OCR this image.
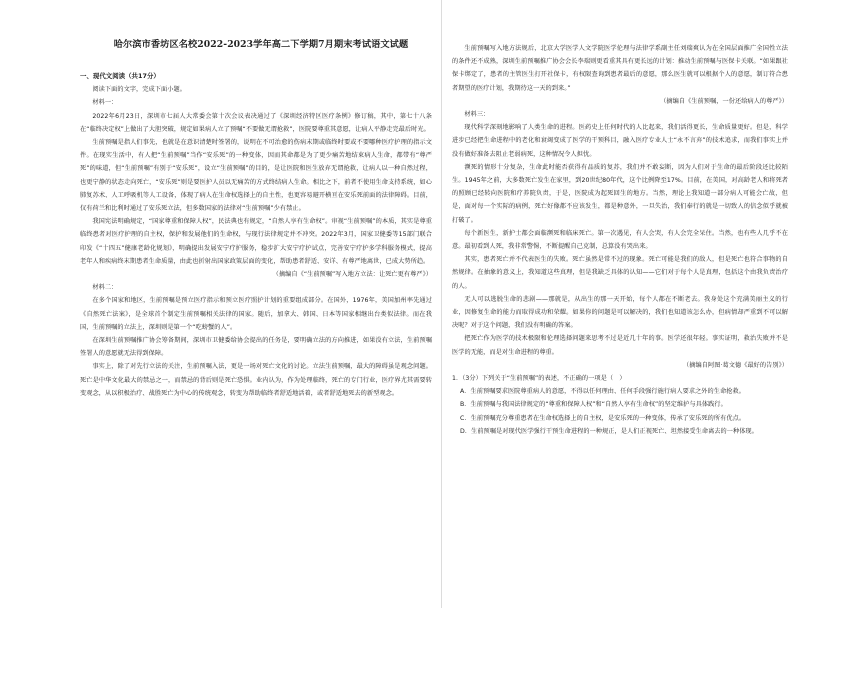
哈尔滨市香坊区名校2022-2023学年高二下学期7月期末考试语文试题
一、现代文阅读（共17分）

阅读下面的文字，完成下面小题。

材料一：

2022年6月23日，深圳市七届人大常委会第十次会议表决通过了《深圳经济特区医疗条例》修订稿，其中，第七十八条在“临终决定权”上做出了大胆突破，规定如果病人立了预嘱“不要做无谓抢救”，医院要尊重其意愿，让病人平静走完最后时光。

生前预嘱是指人们事先，也就是在意识清楚时签署的，说明在不可治愈的伤病末期或临终时要或不要哪种医疗护理的指示文件。在现实生活中，有人把“生前预嘱”当作“安乐死”的一种变体，因而其命都是为了更少痛苦地结束病人生命，都带有“尊严死”的味道，但“生前预嘱”有别于“安乐死”，设立“生前预嘱”的目的，是让医院和医生放弃无谓抢救，让病人以一种自然过程，也更宁静的状态走向死亡，“安乐死”则是要医护人员以无痛苦的方式终结病人生命。相比之下，前者不使用生命支持系统，如心肺复苏术、人工呼吸机等人工设备，体现了病人在生命权选择上的自主性，也更容易避开横亘在安乐死前面的法律障碍。目前，仅有荷兰和比利时通过了安乐死立法，但多数国家的法律对“生前预嘱”少有禁止。

我国宪法明确规定，“国家尊重和保障人权”，民法典也有规定，“自然人享有生命权”。审视“生前预嘱”的本质，其实是尊重临终患者对医疗护理的自主权，保护和发展他们的生命权，与现行法律规定并不冲突。2022年3月，国家卫健委等15部门联合印发《“十四五”健康老龄化规划》，明确提出发展安宁疗护服务，稳步扩大安宁疗护试点，完善安宁疗护多学科服务模式，提高老年人和疾病终末期患者生命质量，由此也折射出国家政策层面的变化，帮助患者舒适、安详、有尊严地离世，已成大势所趋。

（摘编自《“生前预嘱”写入地方立法：让死亡更有尊严》）

材料二：

在多个国家和地区，生前预嘱是预立医疗指示和预立医疗照护计划的重要组成部分。在国外，1976年，美国加州率先通过《自然死亡法案》，是全球首个制定生前预嘱相关法律的国家。随后，加拿大、韩国、日本等国家相继出台类似法律。而在我国，生前预嘱的立法上，深圳则是第一个“吃螃蟹的人”。

在深圳生前预嘱推广协会筹备期间，深圳市卫健委给协会提出的任务是，要明确立法的方向推进，如果没有立法，生前预嘱签署人的意愿就无法得到保障。

事实上，除了对先行立法的关注，生前预嘱入法，更是一场对死亡文化的讨论。立法生前预嘱，最大的障碍虽是观念问题。死亡是中华文化最大的禁忌之一，而禁忌的背后则是死亡恐惧。业内认为，作为处理临终，死亡的专门行业，医疗界尤其需要转变观念，从以积极治疗、战胜死亡为中心的传统观念，转变为帮助临终者舒适地活着，或者舒适地死去的新型观念。

生前预嘱写入地方法规后，北京大学医学人文学院医学伦理与法律学系副主任刘瑞爽认为在全国层面推广全国性立法的条件还不成熟，深圳生前预嘱推广协会会长李瑞则更看重其具有更长远的计划：推动生前预嘱与医保卡关联。“如果跟社保卡绑定了，患者的主管医生打开社保卡，有权限查询到患者最后的意愿，那么医生就可以根据个人的意愿，制订符合患者期望的医疗计划，我期待这一天的到来。”

（摘编自《生前预嘱，一份还给病人的尊严》）

材料三：

现代科学深刻地影响了人类生命的进程。医药史上任何时代的人比起来，我们活得更长，生命质量更好。但是，科学进步已经把生命进程中的老化和衰竭变成了医学的干预科目，融入医疗专业人士“永不言弃”的技术追求，而我们事实上并没有做好准备去阻止老弱病死，这种情况令人担忧。

濒死的情形十分复杂，生命此时能否获得有品质的复苏，我们并不敢妄断，因为人们对于生命的最后阶段还比较陌生。1945年之前，大多数死亡发生在家里，到20世纪80年代，这个比例降至17%。目前，在美国，对高龄老人和将死者的照顾已经转向医院和疗养院负责，于是，医院成为起死回生的地方。当然，理论上我知道一部分病人可能会亡故，但是，面对每一个实际的病例，死亡好像都不应该发生，都是种意外，一旦失治，我们奉行的就是一切致人的信念似乎就被打破了。

每个新医生，新护士都会面临濒死和临床死亡。第一次遇见，有人会哭，有人会完全呆住。当然，也有些人几乎不在意。最初看到人死，我非常警惕，不断提醒自己克制，总算没有哭出来。

其实，患者死亡并不代表医生的失败。死亡虽然是常不过的现象。死亡可能是我们的敌人，但是死亡也符合事物的自然规律。在抽象的意义上，我知道这些真理，但是我缺乏具体的认知——它们对于每个人是真理，包括这个由我负责治疗的人。

无人可以逃脱生命的悲剧——那就是，从出生的那一天开始，每个人都在不断老去。我身处这个充满美丽主义的行业，因修复生命的能力而取得成功和荣耀。如果你的问题是可以解决的，我们也知道该怎么办，但病情却严重到不可以解决呢？对于这个问题，我们没有明确的答案。

把死亡作为医学的技术极限和伦理选择问题来思考不过是近几十年的事。医学还很年轻。事实证明，救治失败并不是医学的无能，而是对生命进程的尊重。

（摘编自阿图·葛文德《最好的告别》）

1．（3分）下列关于“生前预嘱”的表述，不正确的一项是（　）

A．生前预嘱要求医院尊重病人的意愿，不得以任何理由、任何手段强行施行病人要求之外的生命抢救。

B．生前预嘱与我国法律规定的“尊重和保障人权”和“自然人享有生命权”的坚定维护与具体践行。

C．生前预嘱充分尊重患者在生命权选择上的自主权，是安乐死的一种变体，传承了安乐死的所有优点。

D．生前预嘱是对现代医学强行干预生命进程的一种规正，是人们正视死亡、坦然接受生命离去的一种体现。
